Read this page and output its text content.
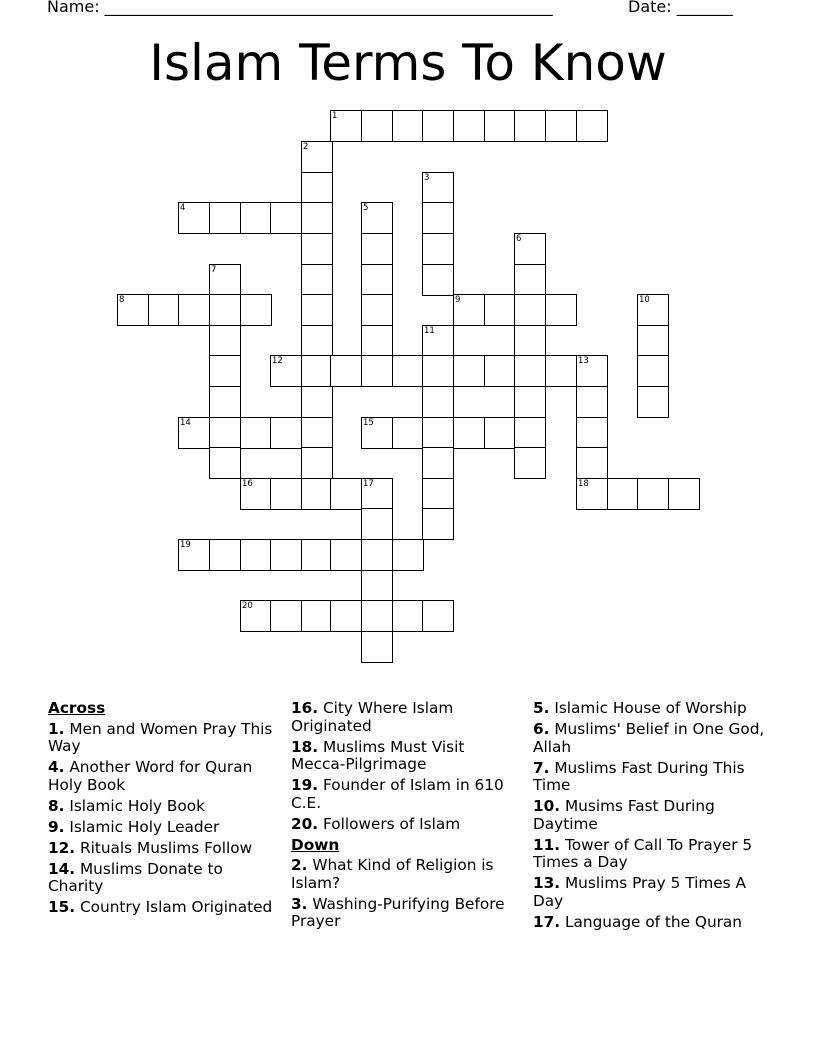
Name: ________________________________________________________	Date: _______
Islam Terms To Know
1
2
3
4	5
6
7
8	9	10
11
12	13
14	15
16	17	18
19
20
Across
1. Men and Women Pray This Way
4. Another Word for Quran Holy Book
8. Islamic Holy Book
9. Islamic Holy Leader
12. Rituals Muslims Follow
14. Muslims Donate to Charity
15. Country Islam Originated
16. City Where Islam Originated
18. Muslims Must Visit Mecca-Pilgrimage
19. Founder of Islam in 610 C.E.
20. Followers of Islam
Down
2. What Kind of Religion is Islam?
3. Washing-Purifying Before Prayer
5. Islamic House of Worship
6. Muslims' Belief in One God, Allah
7. Muslims Fast During This Time
10. Musims Fast During Daytime
11. Tower of Call To Prayer 5 Times a Day
13. Muslims Pray 5 Times A Day
17. Language of the Quran
